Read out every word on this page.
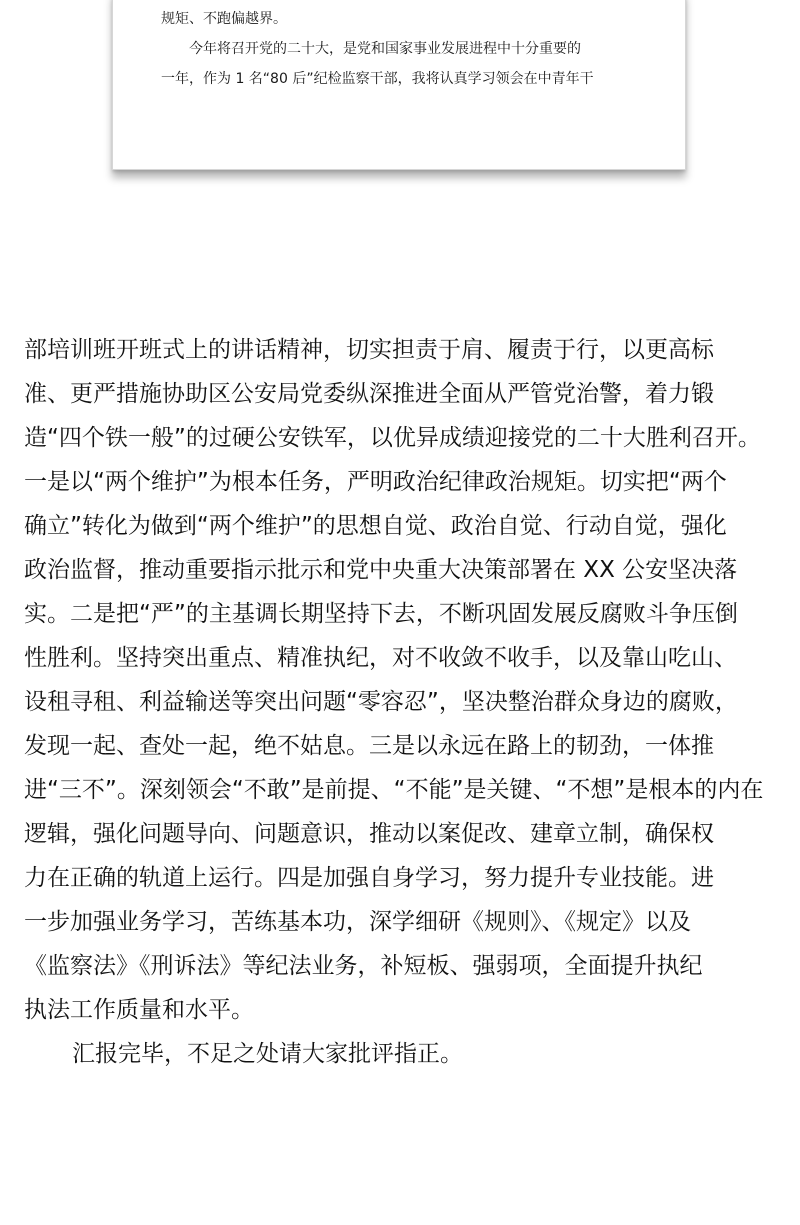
规矩、不跑偏越界。
今年将召开党的二十大，是党和国家事业发展进程中十分重要的
一年，作为 1 名“80 后”纪检监察干部，我将认真学习领会在中青年干
部培训班开班式上的讲话精神，切实担责于肩、履责于行，以更高标
准、更严措施协助区公安局党委纵深推进全面从严管党治警，着力锻
造“四个铁一般”的过硬公安铁军，以优异成绩迎接党的二十大胜利召开。
一是以“两个维护”为根本任务，严明政治纪律政治规矩。切实把“两个
确立”转化为做到“两个维护”的思想自觉、政治自觉、行动自觉，强化
政治监督，推动重要指示批示和党中央重大决策部署在 XX 公安坚决落
实。二是把“严”的主基调长期坚持下去，不断巩固发展反腐败斗争压倒
性胜利。坚持突出重点、精准执纪，对不收敛不收手，以及靠山吃山、
设租寻租、利益输送等突出问题“零容忍”，坚决整治群众身边的腐败，
发现一起、查处一起，绝不姑息。三是以永远在路上的韧劲，一体推
进“三不”。深刻领会“不敢”是前提、“不能”是关键、“不想”是根本的内在
逻辑，强化问题导向、问题意识，推动以案促改、建章立制，确保权
力在正确的轨道上运行。四是加强自身学习，努力提升专业技能。进
一步加强业务学习，苦练基本功，深学细研《规则》、《规定》以及
《监察法》《刑诉法》等纪法业务，补短板、强弱项，全面提升执纪
执法工作质量和水平。
汇报完毕，不足之处请大家批评指正。
